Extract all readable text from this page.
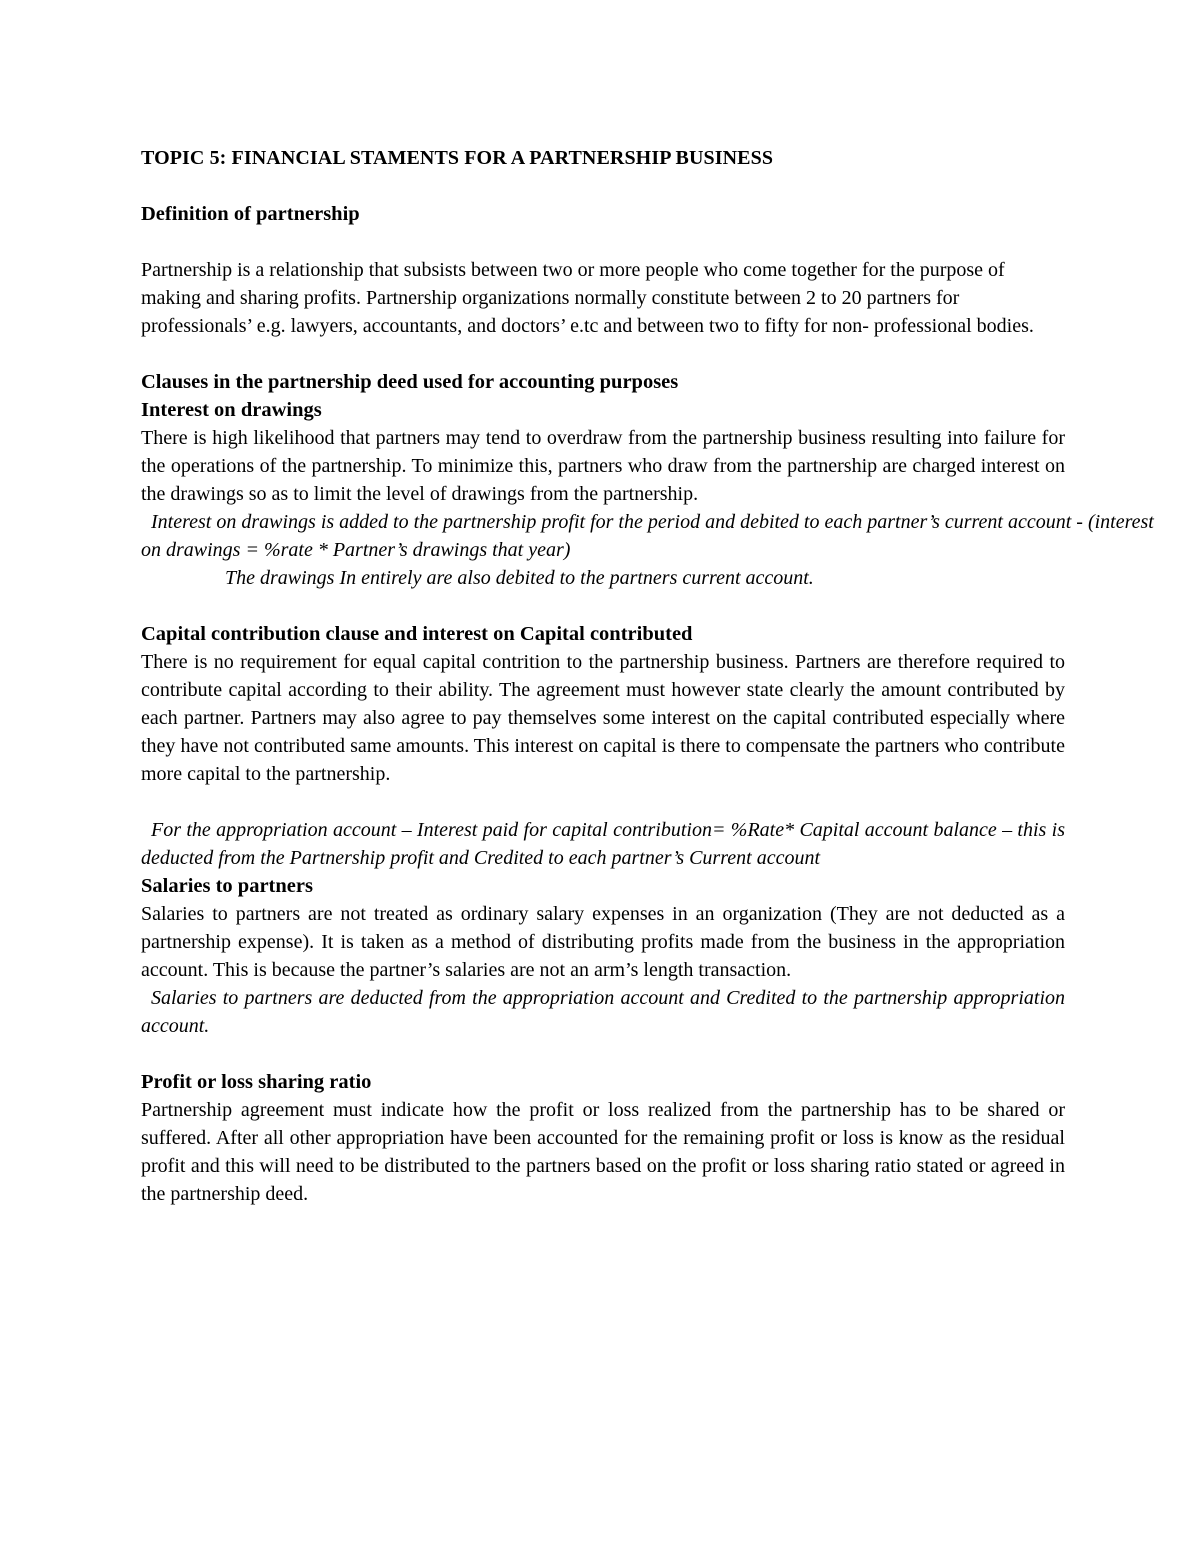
TOPIC 5: FINANCIAL STAMENTS FOR A PARTNERSHIP BUSINESS

Definition of partnership

Partnership is a relationship that subsists between two or more people who come together for the purpose of making and sharing profits. Partnership organizations normally constitute between 2 to 20 partners for professionals’ e.g. lawyers, accountants, and doctors’ e.tc and between two to fifty for non- professional bodies.

Clauses in the partnership deed used for accounting purposes

Interest on drawings

There is high likelihood that partners may tend to overdraw from the partnership business resulting into failure for the operations of the partnership. To minimize this, partners who draw from the partnership are charged interest on the drawings so as to limit the level of drawings from the partnership.

Interest on drawings is added to the partnership profit for the period and debited to each partner’s current account - (interest on drawings = %rate * Partner’s drawings that year)

The drawings In entirely are also debited to the partners current account.

Capital contribution clause and interest on Capital contributed

There is no requirement for equal capital contrition to the partnership business. Partners are therefore required to contribute capital according to their ability. The agreement must however state clearly the amount contributed by each partner. Partners may also agree to pay themselves some interest on the capital contributed especially where they have not contributed same amounts. This interest on capital is there to compensate the partners who contribute more capital to the partnership.

For the appropriation account – Interest paid for capital contribution= %Rate* Capital account balance – this is deducted from the Partnership profit and Credited to each partner’s Current account

Salaries to partners

Salaries to partners are not treated as ordinary salary expenses in an organization (They are not deducted as a partnership expense). It is taken as a method of distributing profits made from the business in the appropriation account. This is because the partner’s salaries are not an arm’s length transaction.

Salaries to partners are deducted from the appropriation account and Credited to the partnership appropriation account.

Profit or loss sharing ratio

Partnership agreement must indicate how the profit or loss realized from the partnership has to be shared or suffered. After all other appropriation have been accounted for the remaining profit or loss is know as the residual profit and this will need to be distributed to the partners based on the profit or loss sharing ratio stated or agreed in the partnership deed.
